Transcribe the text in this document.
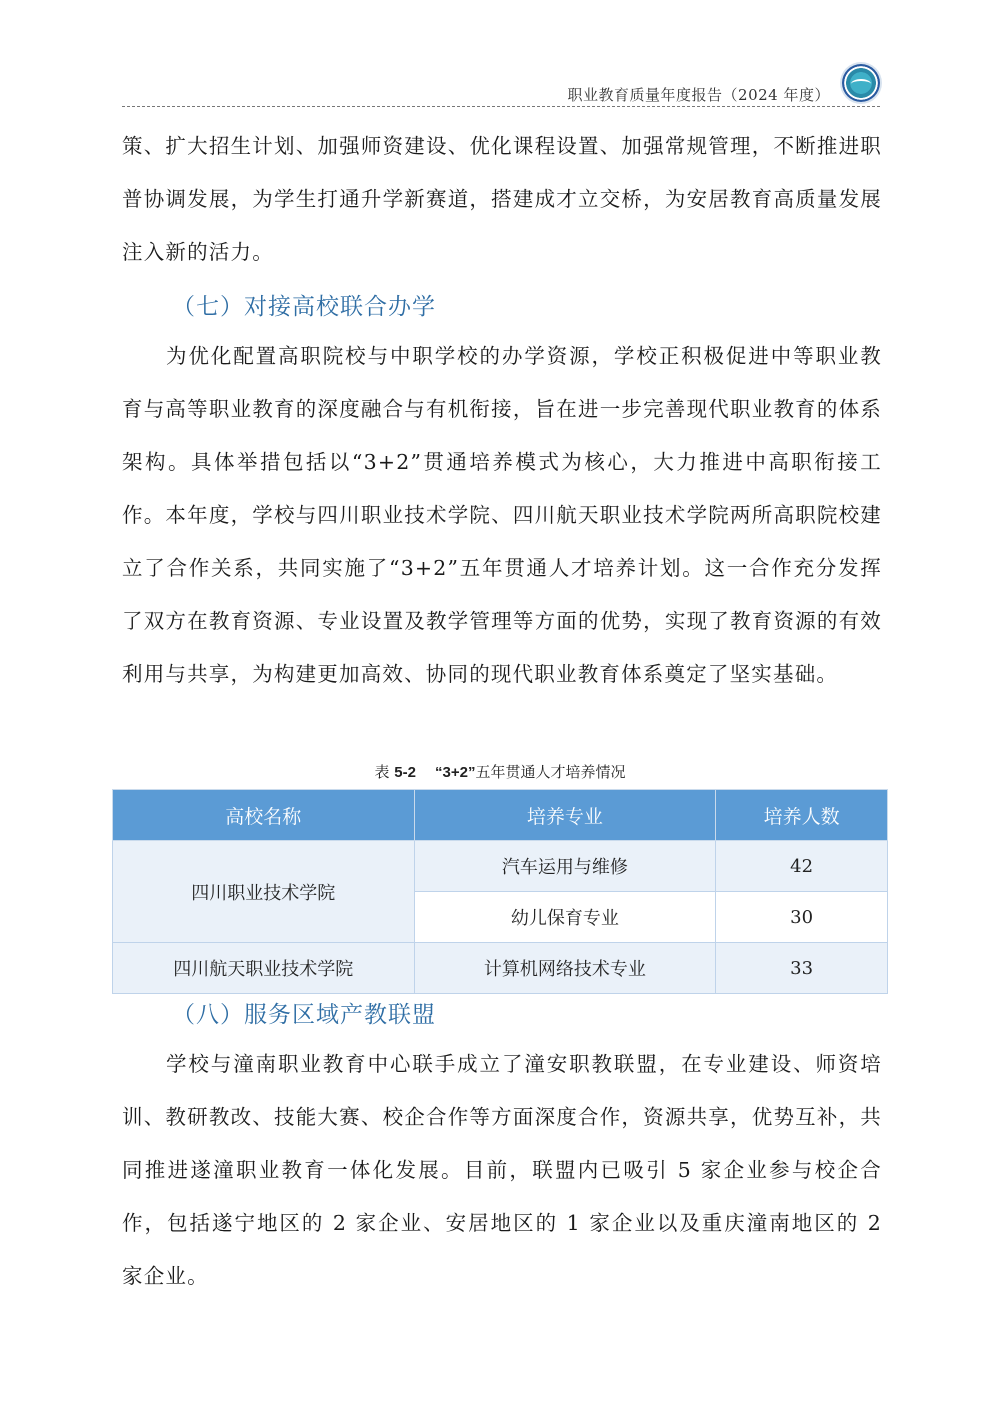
职业教育质量年度报告（2024 年度）
策、扩大招生计划、加强师资建设、优化课程设置、加强常规管理，不断推进职普协调发展，为学生打通升学新赛道，搭建成才立交桥，为安居教育高质量发展注入新的活力。
（七）对接高校联合办学
为优化配置高职院校与中职学校的办学资源，学校正积极促进中等职业教育与高等职业教育的深度融合与有机衔接，旨在进一步完善现代职业教育的体系架构。具体举措包括以“3+2”贯通培养模式为核心，大力推进中高职衔接工作。本年度，学校与四川职业技术学院、四川航天职业技术学院两所高职院校建立了合作关系，共同实施了“3+2”五年贯通人才培养计划。这一合作充分发挥了双方在教育资源、专业设置及教学管理等方面的优势，实现了教育资源的有效利用与共享，为构建更加高效、协同的现代职业教育体系奠定了坚实基础。
表 5-2 “3+2”五年贯通人才培养情况
高校名称	培养专业	培养人数
四川职业技术学院	汽车运用与维修	42
	幼儿保育专业	30
四川航天职业技术学院	计算机网络技术专业	33
（八）服务区域产教联盟
学校与潼南职业教育中心联手成立了潼安职教联盟，在专业建设、师资培训、教研教改、技能大赛、校企合作等方面深度合作，资源共享，优势互补，共同推进遂潼职业教育一体化发展。目前，联盟内已吸引 5 家企业参与校企合作，包括遂宁地区的 2 家企业、安居地区的 1 家企业以及重庆潼南地区的 2 家企业。
